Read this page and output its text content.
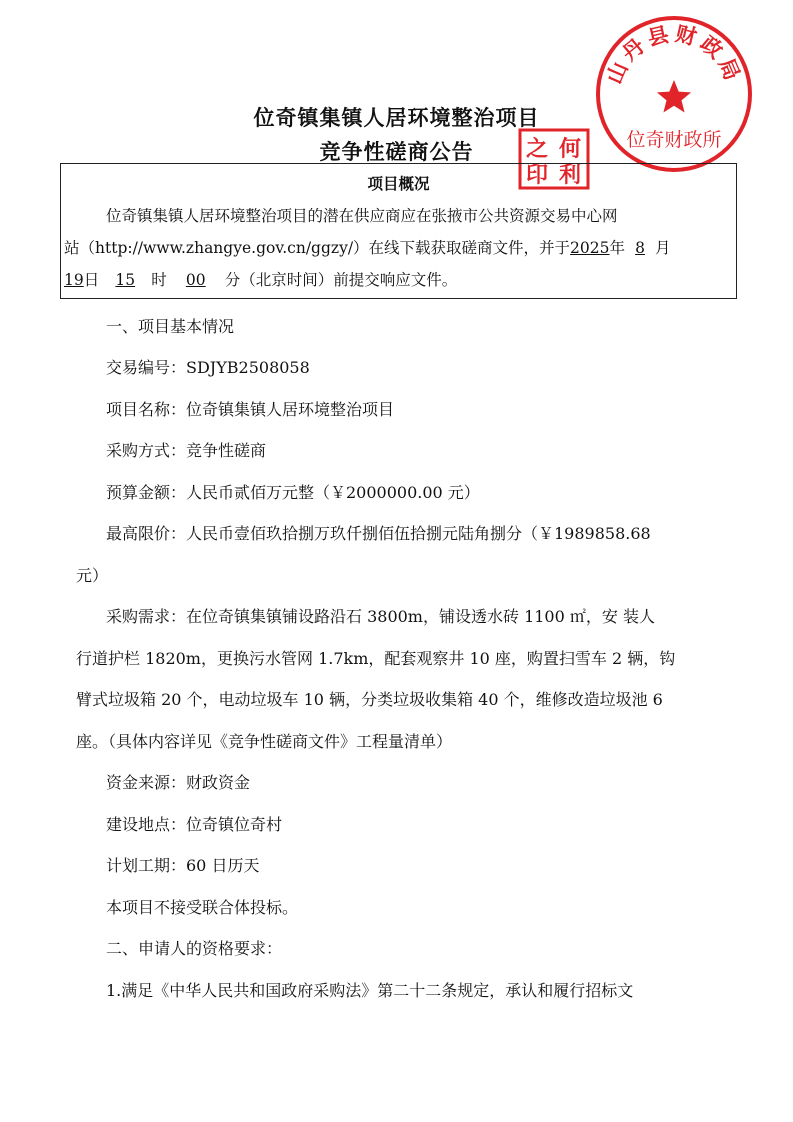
位奇镇集镇人居环境整治项目
竞争性磋商公告
山丹县财政局
位奇财政所
之 何
印 利
项目概况
位奇镇集镇人居环境整治项目的潜在供应商应在张掖市公共资源交易中心网
站（http://www.zhangye.gov.cn/ggzy/）在线下载获取磋商文件，并于2025年 8 月
19日 15 时 00 分（北京时间）前提交响应文件。
一、项目基本情况
交易编号：SDJYB2508058
项目名称：位奇镇集镇人居环境整治项目
采购方式：竞争性磋商
预算金额：人民币贰佰万元整（￥2000000.00 元）
最高限价：人民币壹佰玖拾捌万玖仟捌佰伍拾捌元陆角捌分（￥1989858.68
元）
采购需求：在位奇镇集镇铺设路沿石 3800m，铺设透水砖 1100 ㎡，安 装人
行道护栏 1820m，更换污水管网 1.7km，配套观察井 10 座，购置扫雪车 2 辆，钩
臂式垃圾箱 20 个，电动垃圾车 10 辆，分类垃圾收集箱 40 个，维修改造垃圾池 6
座。（具体内容详见《竞争性磋商文件》工程量清单）
资金来源：财政资金
建设地点：位奇镇位奇村
计划工期：60 日历天
本项目不接受联合体投标。
二、申请人的资格要求：
1.满足《中华人民共和国政府采购法》第二十二条规定，承认和履行招标文
